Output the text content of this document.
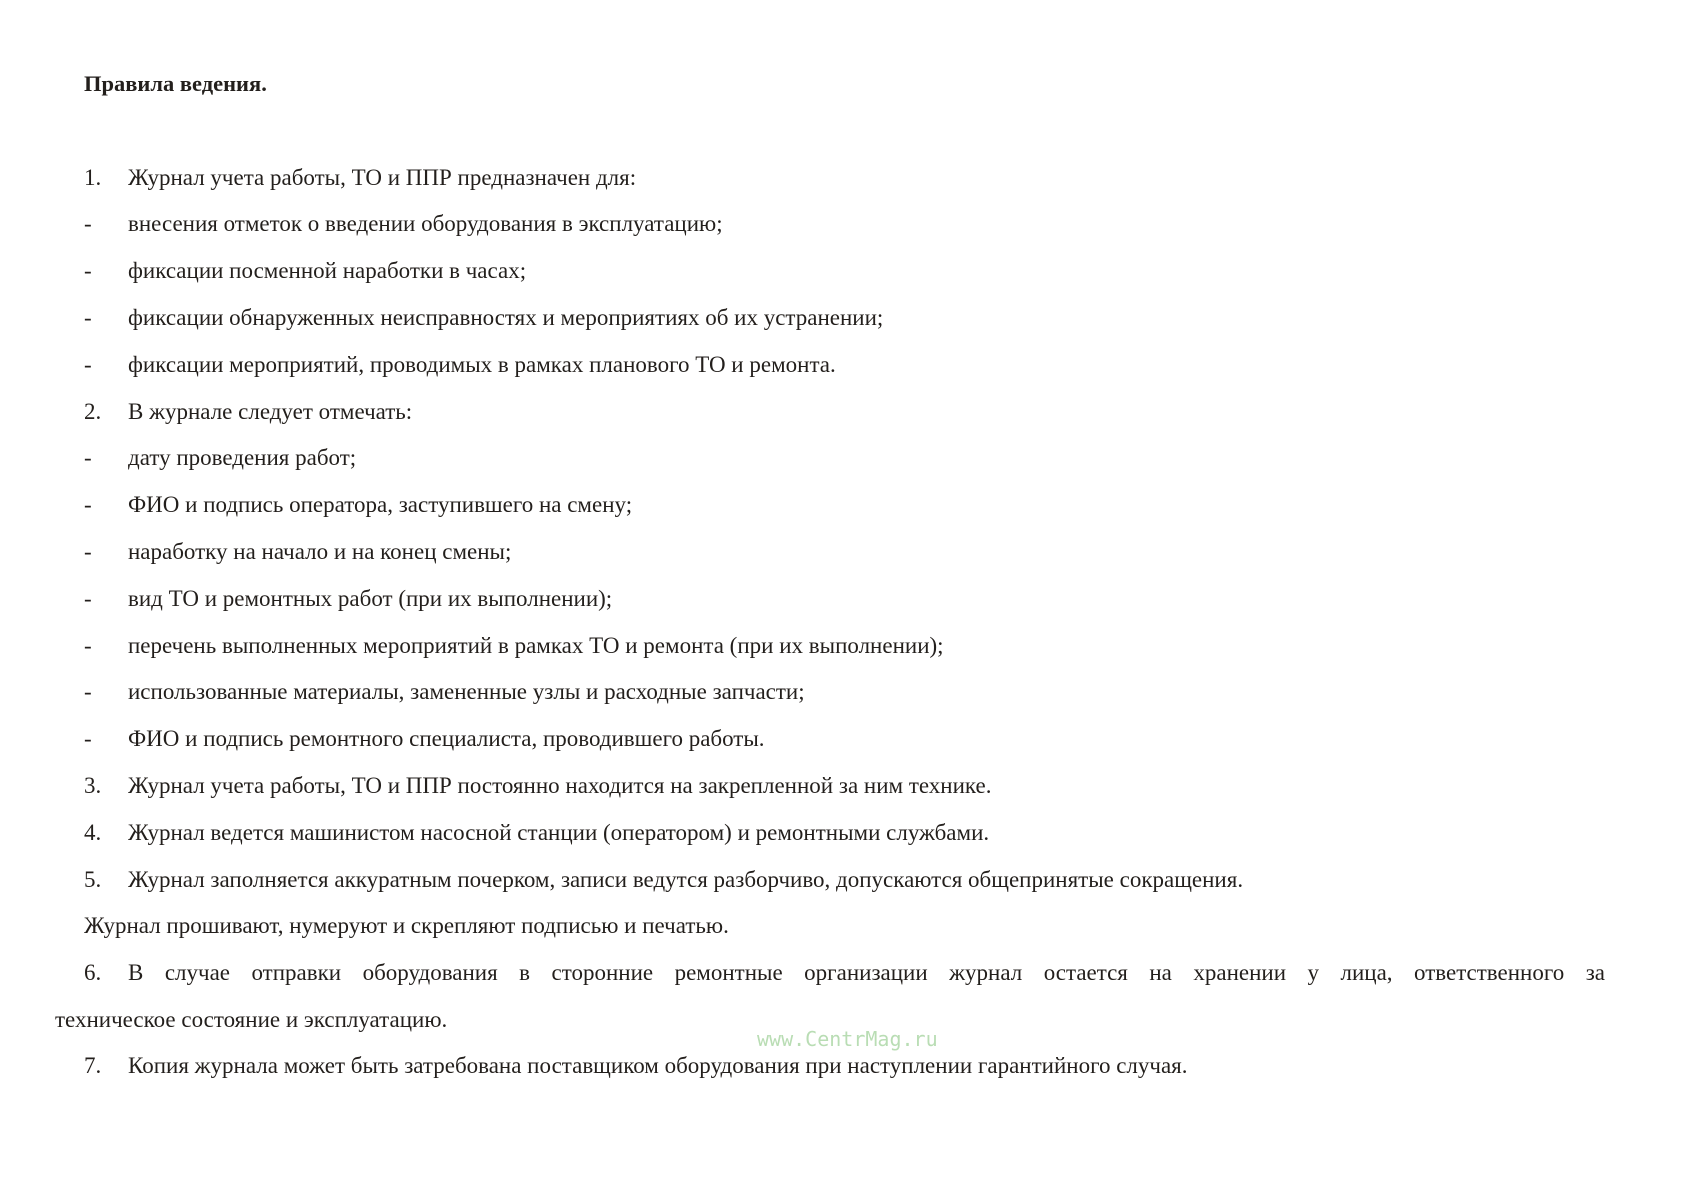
Правила ведения.
1. Журнал учета работы, ТО и ППР предназначен для:
- внесения отметок о введении оборудования в эксплуатацию;
- фиксации посменной наработки в часах;
- фиксации обнаруженных неисправностях и мероприятиях об их устранении;
- фиксации мероприятий, проводимых в рамках планового ТО и ремонта.
2. В журнале следует отмечать:
- дату проведения работ;
- ФИО и подпись оператора, заступившего на смену;
- наработку на начало и на конец смены;
- вид ТО и ремонтных работ (при их выполнении);
- перечень выполненных мероприятий в рамках ТО и ремонта (при их выполнении);
- использованные материалы, замененные узлы и расходные запчасти;
- ФИО и подпись ремонтного специалиста, проводившего работы.
3. Журнал учета работы, ТО и ППР постоянно находится на закрепленной за ним технике.
4. Журнал ведется машинистом насосной станции (оператором) и ремонтными службами.
5. Журнал заполняется аккуратным почерком, записи ведутся разборчиво, допускаются общепринятые сокращения.
Журнал прошивают, нумеруют и скрепляют подписью и печатью.
6. В случае отправки оборудования в сторонние ремонтные организации журнал остается на хранении у лица, ответственного за
техническое состояние и эксплуатацию.
www.CentrMag.ru
7. Копия журнала может быть затребована поставщиком оборудования при наступлении гарантийного случая.
